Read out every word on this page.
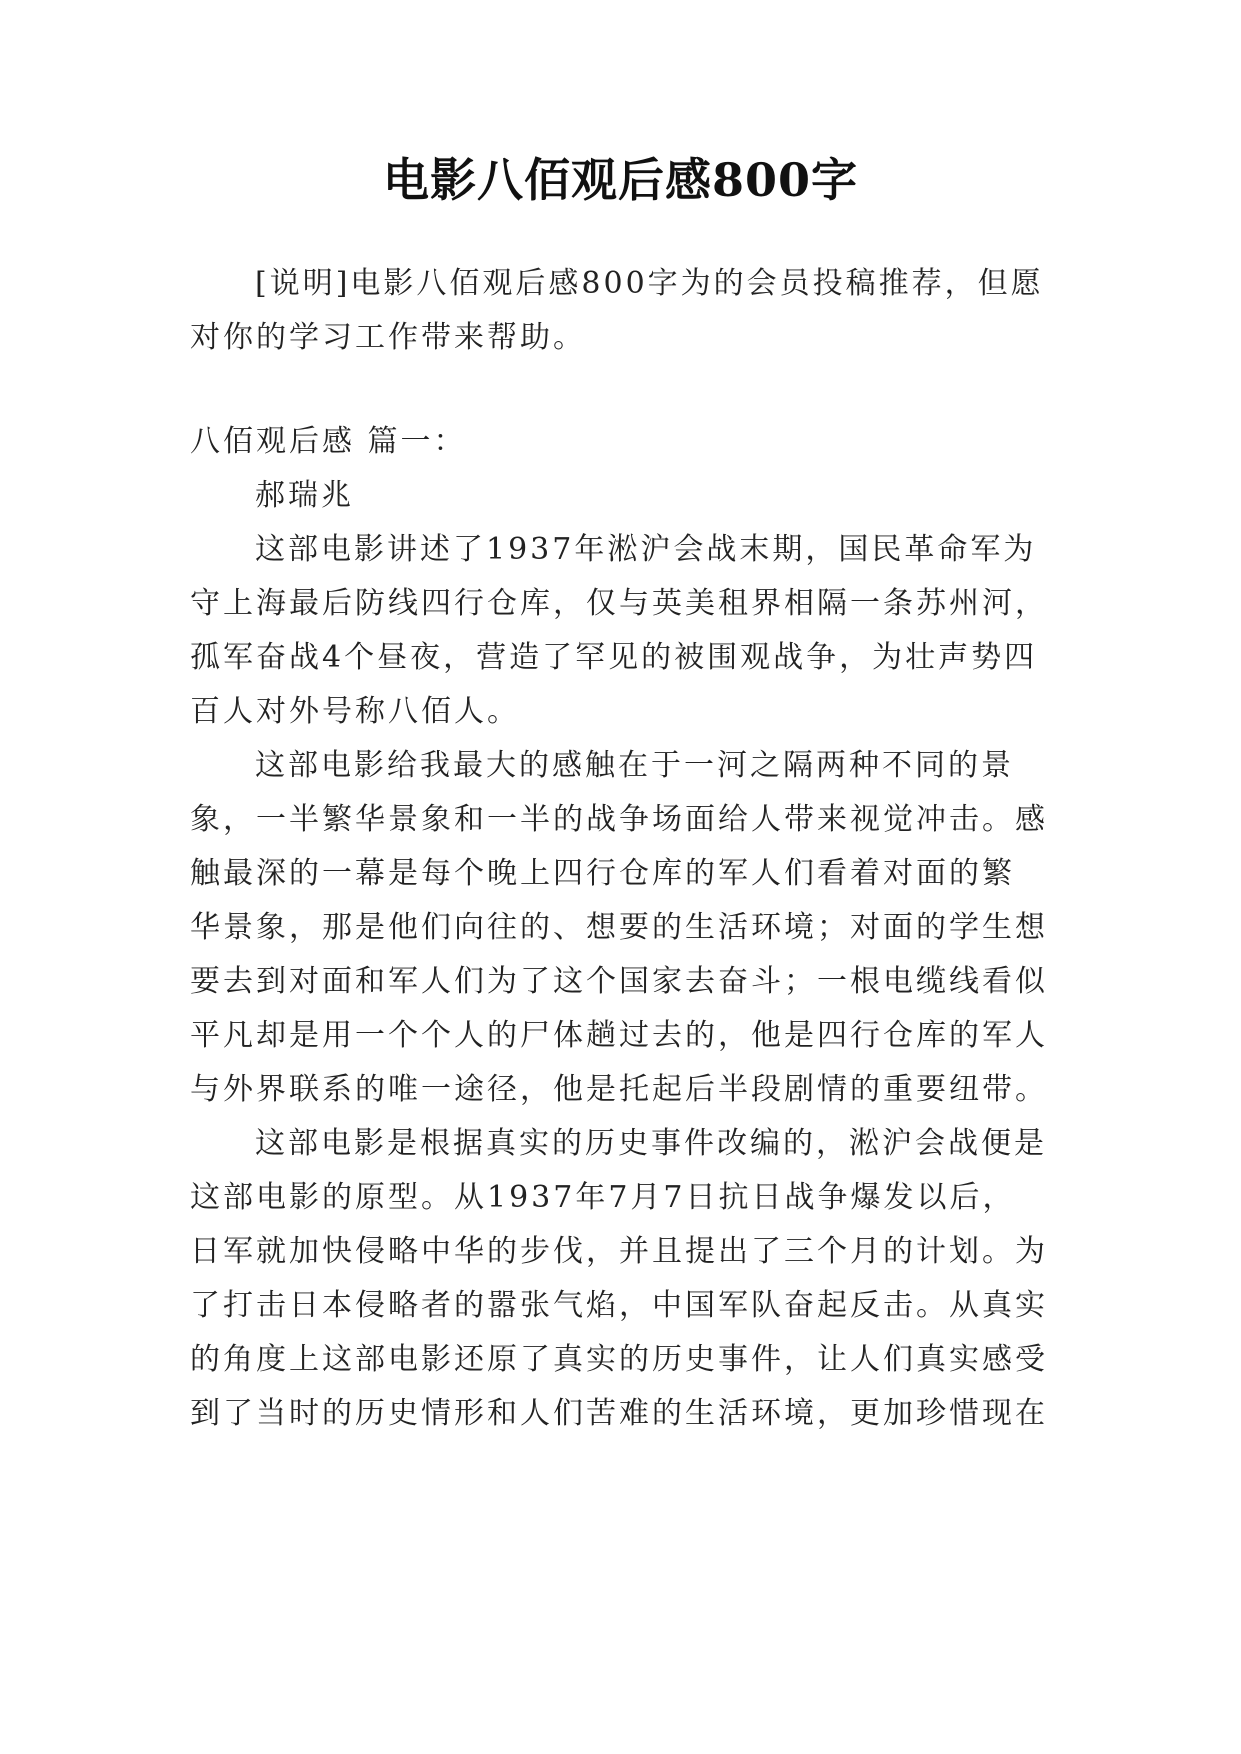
电影八佰观后感800字
[说明]电影八佰观后感800字为的会员投稿推荐，但愿
对你的学习工作带来帮助。
八佰观后感 篇一：
郝瑞兆
这部电影讲述了1937年淞沪会战末期，国民革命军为
守上海最后防线四行仓库，仅与英美租界相隔一条苏州河，
孤军奋战4个昼夜，营造了罕见的被围观战争，为壮声势四
百人对外号称八佰人。
这部电影给我最大的感触在于一河之隔两种不同的景
象，一半繁华景象和一半的战争场面给人带来视觉冲击。感
触最深的一幕是每个晚上四行仓库的军人们看着对面的繁
华景象，那是他们向往的、想要的生活环境；对面的学生想
要去到对面和军人们为了这个国家去奋斗；一根电缆线看似
平凡却是用一个个人的尸体趟过去的，他是四行仓库的军人
与外界联系的唯一途径，他是托起后半段剧情的重要纽带。
这部电影是根据真实的历史事件改编的，淞沪会战便是
这部电影的原型。从1937年7月7日抗日战争爆发以后，
日军就加快侵略中华的步伐，并且提出了三个月的计划。为
了打击日本侵略者的嚣张气焰，中国军队奋起反击。从真实
的角度上这部电影还原了真实的历史事件，让人们真实感受
到了当时的历史情形和人们苦难的生活环境，更加珍惜现在
